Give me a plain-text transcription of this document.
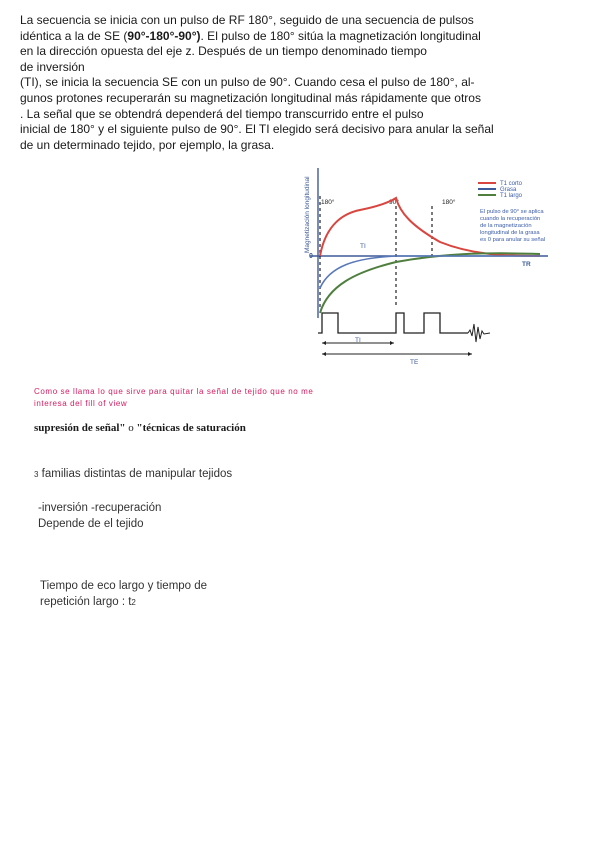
La secuencia se inicia con un pulso de RF 180°, seguido de una secuencia de pulsos
idéntica a la de SE (90°-180°-90°). El pulso de 180° sitúa la magnetización longitudinal
en la dirección opuesta del eje z. Después de un tiempo denominado tiempo
de inversión
(TI), se inicia la secuencia SE con un pulso de 90°. Cuando cesa el pulso de 180°, al-
gunos protones recuperarán su magnetización longitudinal más rápidamente que otros
. La señal que se obtendrá dependerá del tiempo transcurrido entre el pulso
inicial de 180° y el siguiente pulso de 90°. El TI elegido será decisivo para anular la señal
de un determinado tejido, por ejemplo, la grasa.
0
Magnetización longitudinal 180°	90°	180°
TI
TR
T1 corto
Grasa
T1 largo
El pulso de 90° se aplica cuando la recuperación de la magnetización longitudinal de la grasa es 0 para anular su señal
TI
TE
Como se llama lo que sirve para quitar la señal de tejido que no me
interesa del fill of view
supresión de señal" o "técnicas de saturación
3 familias distintas de manipular tejidos
-inversión -recuperación
Depende de el tejido
Tiempo de eco largo y tiempo de
repetición largo : t2
